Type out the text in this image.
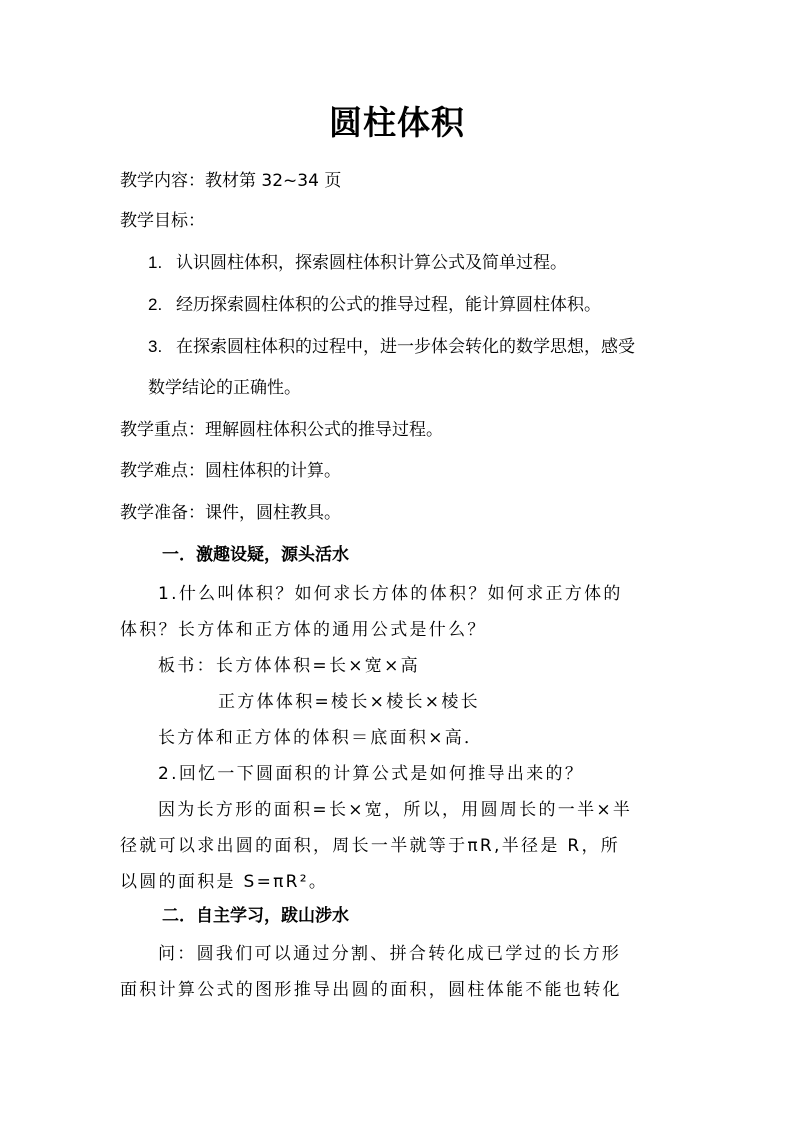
圆柱体积
教学内容：教材第 32~34 页
教学目标：
1. 认识圆柱体积，探索圆柱体积计算公式及简单过程。
2. 经历探索圆柱体积的公式的推导过程，能计算圆柱体积。
3. 在探索圆柱体积的过程中，进一步体会转化的数学思想，感受
数学结论的正确性。
教学重点：理解圆柱体积公式的推导过程。
教学难点：圆柱体积的计算。
教学准备：课件，圆柱教具。
一．激趣设疑，源头活水
1.什么叫体积？如何求长方体的体积？如何求正方体的
体积？长方体和正方体的通用公式是什么？
板书：长方体体积=长×宽×高
正方体体积=棱长×棱长×棱长
长方体和正方体的体积＝底面积×高．
2.回忆一下圆面积的计算公式是如何推导出来的？
因为长方形的面积=长×宽，所以，用圆周长的一半×半
径就可以求出圆的面积，周长一半就等于πR,半径是 R，所
以圆的面积是 S=πR²。
二．自主学习，跋山涉水
问：圆我们可以通过分割、拼合转化成已学过的长方形
面积计算公式的图形推导出圆的面积，圆柱体能不能也转化
